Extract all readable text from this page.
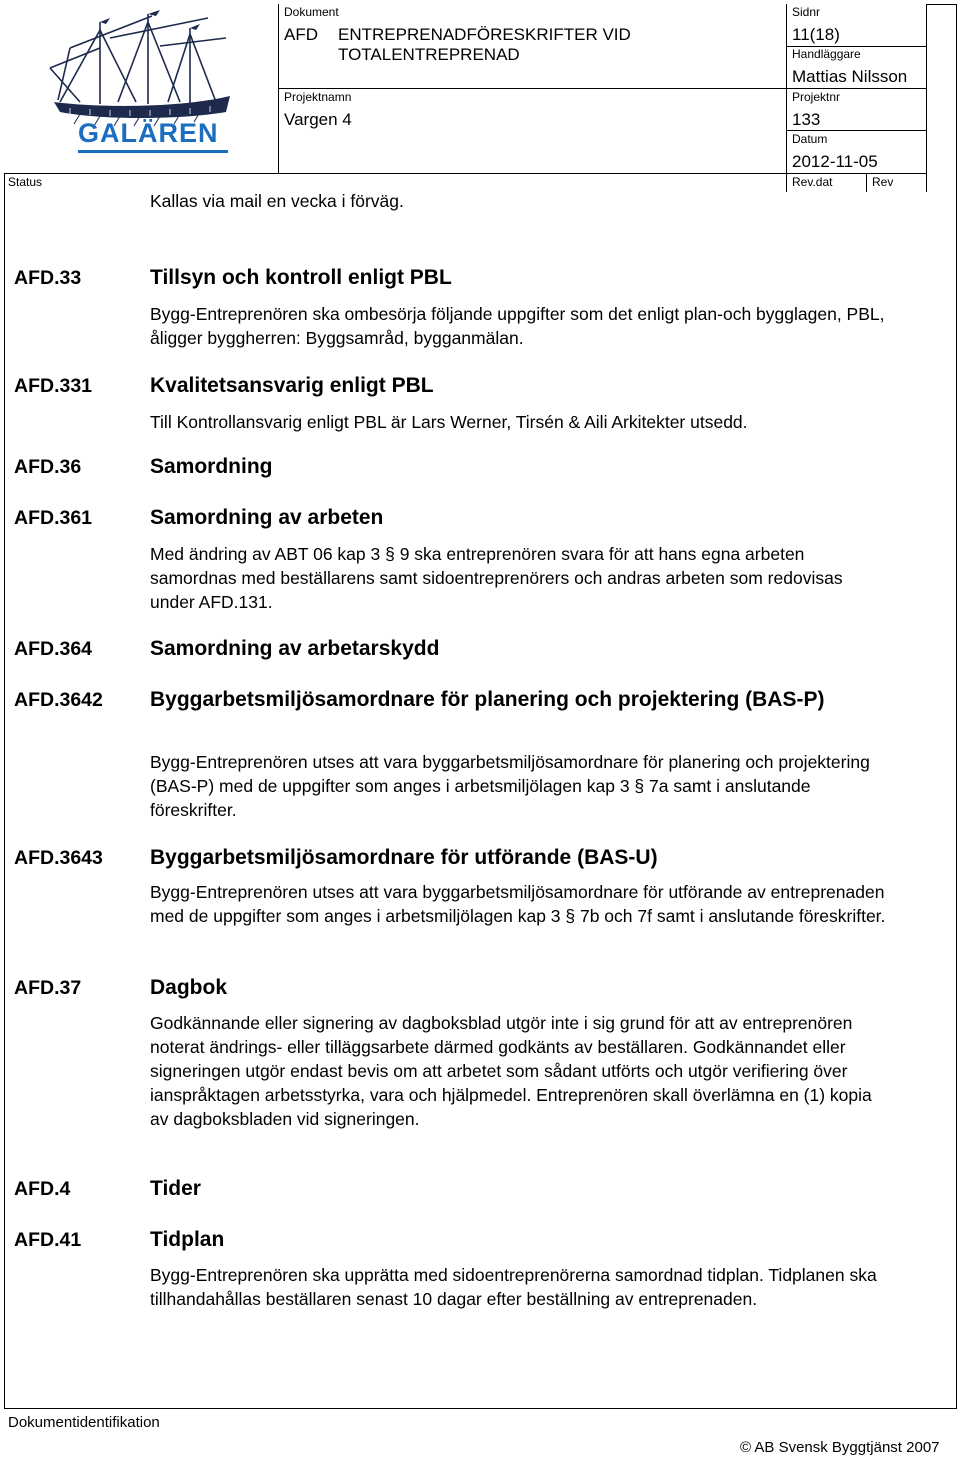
GALÄREN
Dokument
AFD ENTREPRENADFÖRESKRIFTER VID
TOTALENTREPRENAD
Sidnr
11(18)
Handläggare
Mattias Nilsson
Projektnamn
Vargen 4
Projektnr
133
Datum
2012-11-05
Status	Rev.dat	Rev
Kallas via mail en vecka i förväg.
AFD.33	Tillsyn och kontroll enligt PBL

Bygg-Entreprenören ska ombesörja följande uppgifter som det enligt plan-och bygglagen, PBL, åligger byggherren: Byggsamråd, bygganmälan.

AFD.331	Kvalitetsansvarig enligt PBL

Till Kontrollansvarig enligt PBL är Lars Werner, Tirsén & Aili Arkitekter utsedd.

AFD.36	Samordning
AFD.361	Samordning av arbeten

Med ändring av ABT 06 kap 3 § 9 ska entreprenören svara för att hans egna arbeten samordnas med beställarens samt sidoentreprenörers och andras arbeten som redovisas under AFD.131.

AFD.364	Samordning av arbetarskydd
AFD.3642 Byggarbetsmiljösamordnare för planering och projektering (BAS-P)

Bygg-Entreprenören utses att vara byggarbetsmiljösamordnare för planering och projektering (BAS-P) med de uppgifter som anges i arbetsmiljölagen kap 3 § 7a samt i anslutande föreskrifter.

AFD.3643 Byggarbetsmiljösamordnare för utförande (BAS-U)

Bygg-Entreprenören utses att vara byggarbetsmiljösamordnare för utförande av entreprenaden med de uppgifter som anges i arbetsmiljölagen kap 3 § 7b och 7f samt i anslutande föreskrifter.

AFD.37	Dagbok

Godkännande eller signering av dagboksblad utgör inte i sig grund för att av entreprenören noterat ändrings- eller tilläggsarbete därmed godkänts av beställaren. Godkännandet eller signeringen utgör endast bevis om att arbetet som sådant utförts och utgör verifiering över ianspråktagen arbetsstyrka, vara och hjälpmedel. Entreprenören skall överlämna en (1) kopia av dagboksbladen vid signeringen.

AFD.4	Tider
AFD.41	Tidplan

Bygg-Entreprenören ska upprätta med sidoentreprenörerna samordnad tidplan. Tidplanen ska tillhandahållas beställaren senast 10 dagar efter beställning av entreprenaden.

Dokumentidentifikation
© AB Svensk Byggtjänst 2007
